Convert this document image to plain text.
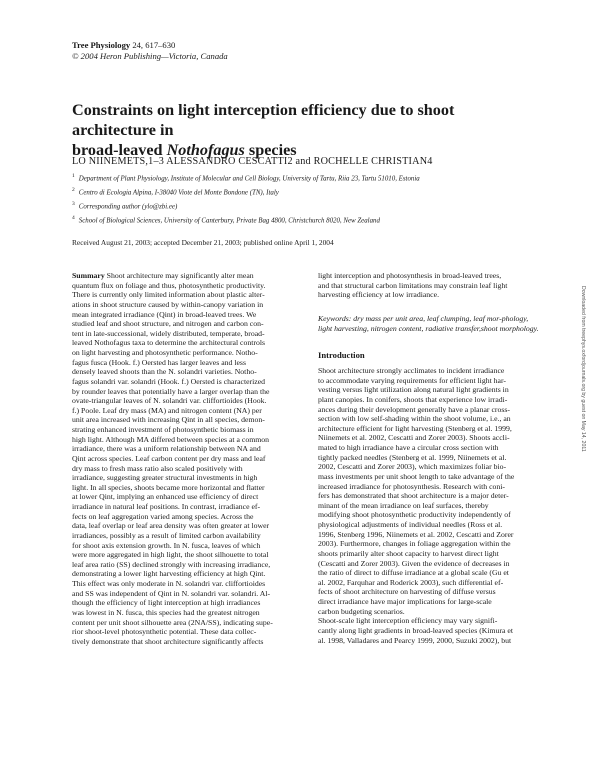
Tree Physiology 24, 617–630
© 2004 Heron Publishing—Victoria, Canada
Constraints on light interception efficiency due to shoot architecture in
broad-leaved Nothofagus species
LO NIINEMETS,1–3 ALESSANDRO CESCATTI2 and ROCHELLE CHRISTIAN4
$^1$ Department of Plant Physiology, Institute of Molecular and Cell Biology, University of Tartu, Riia 23, Tartu 51010, Estonia
$^2$ Centro di Ecologia Alpina, I-38040 Viote del Monte Bondone (TN), Italy
$^3$ Corresponding author (ylo@zbi.ee)
$^4$ School of Biological Sciences, University of Canterbury, Private Bag 4800, Christchurch 8020, New Zealand
Received August 21, 2003; accepted December 21, 2003; published online April 1, 2004
Summary Shoot architecture may significantly alter mean
quantum flux on foliage and thus, photosynthetic productivity.
There is currently only limited information about plastic alter-
ations in shoot structure caused by within-canopy variation in
mean integrated irradiance (Qint) in broad-leaved trees. We
studied leaf and shoot structure, and nitrogen and carbon con-
tent in late-successional, widely distributed, temperate, broad-
leaved Nothofagus taxa to determine the architectural controls
on light harvesting and photosynthetic performance. Notho-
fagus fusca (Hook. f.) Oersted has larger leaves and less
densely leaved shoots than the N. solandri varieties. Notho-
fagus solandri var. solandri (Hook. f.) Oersted is characterized
by rounder leaves that potentially have a larger overlap than the
ovate-triangular leaves of N. solandri var. cliffortioides (Hook.
f.) Poole. Leaf dry mass (MA) and nitrogen content (NA) per
unit area increased with increasing Qint in all species, demon-
strating enhanced investment of photosynthetic biomass in
high light. Although MA differed between species at a common
irradiance, there was a uniform relationship between NA and
Qint across species. Leaf carbon content per dry mass and leaf
dry mass to fresh mass ratio also scaled positively with
irradiance, suggesting greater structural investments in high
light. In all species, shoots became more horizontal and flatter
at lower Qint, implying an enhanced use efficiency of direct
irradiance in natural leaf positions. In contrast, irradiance ef-
fects on leaf aggregation varied among species. Across the
data, leaf overlap or leaf area density was often greater at lower
irradiances, possibly as a result of limited carbon availability
for shoot axis extension growth. In N. fusca, leaves of which
were more aggregated in high light, the shoot silhouette to total
leaf area ratio (SS) declined strongly with increasing irradiance,
demonstrating a lower light harvesting efficiency at high Qint.
This effect was only moderate in N. solandri var. cliffortioides
and SS was independent of Qint in N. solandri var. solandri. Al-
though the efficiency of light interception at high irradiances
was lowest in N. fusca, this species had the greatest nitrogen
content per unit shoot silhouette area (2NA/SS), indicating supe-
rior shoot-level photosynthetic potential. These data collec-
tively demonstrate that shoot architecture significantly affects
light interception and photosynthesis in broad-leaved trees,
and that structural carbon limitations may constrain leaf light
harvesting efficiency at low irradiance.
Keywords: dry mass per unit area, leaf clumping, leaf mor-phology, light harvesting, nitrogen content, radiative transfer,shoot morphology.
Introduction
Shoot architecture strongly acclimates to incident irradiance
to accommodate varying requirements for efficient light har-
vesting versus light utilization along natural light gradients in
plant canopies. In conifers, shoots that experience low irradi-
ances during their development generally have a planar cross-
section with low self-shading within the shoot volume, i.e., an
architecture efficient for light harvesting (Stenberg et al. 1999,
Niinemets et al. 2002, Cescatti and Zorer 2003). Shoots accli-
mated to high irradiance have a circular cross section with
tightly packed needles (Stenberg et al. 1999, Niinemets et al.
2002, Cescatti and Zorer 2003), which maximizes foliar bio-
mass investments per unit shoot length to take advantage of the
increased irradiance for photosynthesis. Research with coni-
fers has demonstrated that shoot architecture is a major deter-
minant of the mean irradiance on leaf surfaces, thereby
modifying shoot photosynthetic productivity independently of
physiological adjustments of individual needles (Ross et al.
1996, Stenberg 1996, Niinemets et al. 2002, Cescatti and Zorer
2003). Furthermore, changes in foliage aggregation within the
shoots primarily alter shoot capacity to harvest direct light
(Cescatti and Zorer 2003). Given the evidence of decreases in
the ratio of direct to diffuse irradiance at a global scale (Gu et
al. 2002, Farquhar and Roderick 2003), such differential ef-
fects of shoot architecture on harvesting of diffuse versus
direct irradiance have major implications for large-scale
carbon budgeting scenarios.
Shoot-scale light interception efficiency may vary signifi-
cantly along light gradients in broad-leaved species (Kimura et
al. 1998, Valladares and Pearcy 1999, 2000, Suzuki 2002), but
Downloaded from treephys.oxfordjournals.org by guest on May 14, 2011
